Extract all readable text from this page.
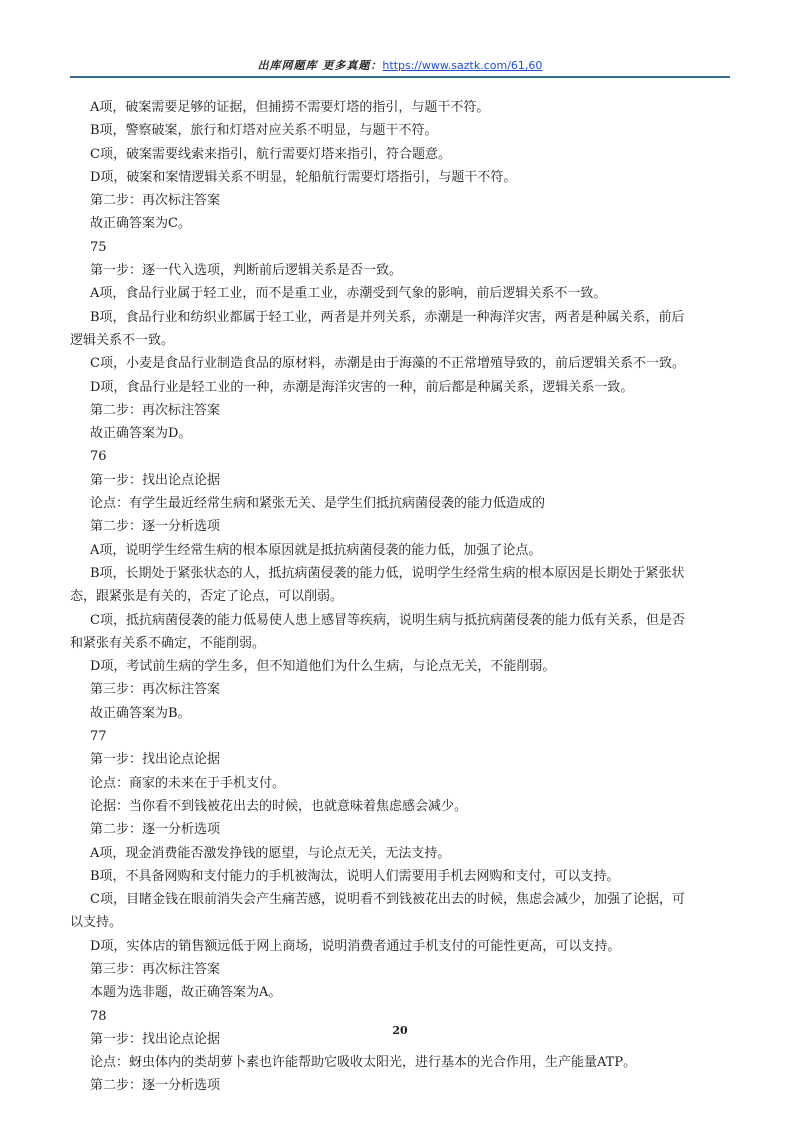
出库网题库 更多真题：https://www.saztk.com/61,60
A项，破案需要足够的证据，但捕捞不需要灯塔的指引，与题干不符。
B项，警察破案，旅行和灯塔对应关系不明显，与题干不符。
C项，破案需要线索来指引，航行需要灯塔来指引，符合题意。
D项，破案和案情逻辑关系不明显，轮船航行需要灯塔指引，与题干不符。
第二步：再次标注答案
故正确答案为C。
75
第一步：逐一代入选项，判断前后逻辑关系是否一致。
A项，食品行业属于轻工业，而不是重工业，赤潮受到气象的影响，前后逻辑关系不一致。
B项，食品行业和纺织业都属于轻工业，两者是并列关系，赤潮是一种海洋灾害，两者是种属关系，前后
逻辑关系不一致。
C项，小麦是食品行业制造食品的原材料，赤潮是由于海藻的不正常增殖导致的，前后逻辑关系不一致。
D项，食品行业是轻工业的一种，赤潮是海洋灾害的一种，前后都是种属关系，逻辑关系一致。
第二步：再次标注答案
故正确答案为D。
76
第一步：找出论点论据
论点：有学生最近经常生病和紧张无关、是学生们抵抗病菌侵袭的能力低造成的
第二步：逐一分析选项
A项，说明学生经常生病的根本原因就是抵抗病菌侵袭的能力低，加强了论点。
B项，长期处于紧张状态的人，抵抗病菌侵袭的能力低，说明学生经常生病的根本原因是长期处于紧张状
态，跟紧张是有关的，否定了论点，可以削弱。
C项，抵抗病菌侵袭的能力低易使人患上感冒等疾病，说明生病与抵抗病菌侵袭的能力低有关系，但是否
和紧张有关系不确定，不能削弱。
D项，考试前生病的学生多，但不知道他们为什么生病，与论点无关，不能削弱。
第三步：再次标注答案
故正确答案为B。
77
第一步：找出论点论据
论点：商家的未来在于手机支付。
论据：当你看不到钱被花出去的时候，也就意味着焦虑感会减少。
第二步：逐一分析选项
A项，现金消费能否激发挣钱的愿望，与论点无关，无法支持。
B项，不具备网购和支付能力的手机被淘汰，说明人们需要用手机去网购和支付，可以支持。
C项，目睹金钱在眼前消失会产生痛苦感，说明看不到钱被花出去的时候，焦虑会减少，加强了论据，可
以支持。
D项，实体店的销售额远低于网上商场，说明消费者通过手机支付的可能性更高，可以支持。
第三步：再次标注答案
本题为选非题，故正确答案为A。
78
第一步：找出论点论据
论点：蚜虫体内的类胡萝卜素也许能帮助它吸收太阳光，进行基本的光合作用，生产能量ATP。
第二步：逐一分析选项
20
